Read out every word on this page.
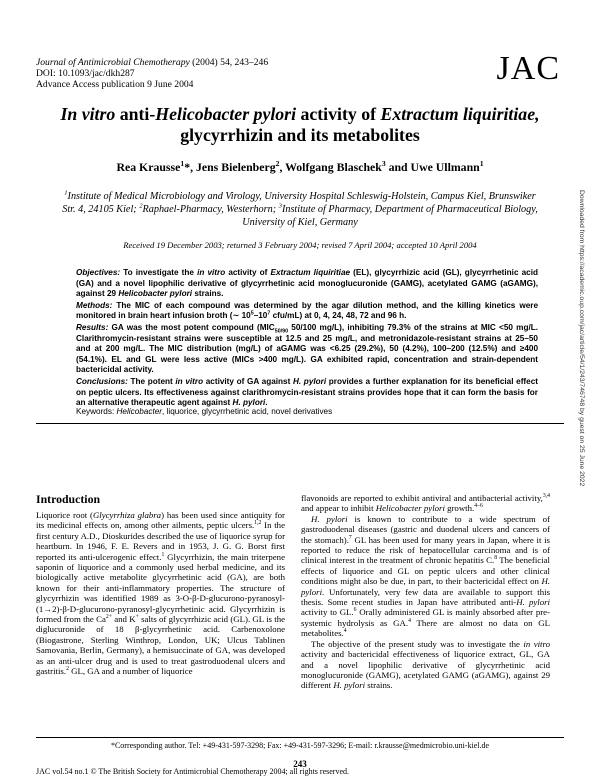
Journal of Antimicrobial Chemotherapy (2004) 54, 243–246
DOI: 10.1093/jac/dkh287
Advance Access publication 9 June 2004	JAC
In vitro anti-Helicobacter pylori activity of Extractum liquiritiae,
glycyrrhizin and its metabolites
Rea Krausse$^1$*, Jens Bielenberg$^2$, Wolfgang Blaschek$^3$ and Uwe Ullmann$^1$
$^1$Institute of Medical Microbiology and Virology, University Hospital Schleswig-Holstein, Campus Kiel, Brunswiker Str. 4, 24105 Kiel; $^2$Raphael-Pharmacy, Westerhorn; $^3$Institute of Pharmacy, Department of Pharmaceutical Biology, University of Kiel, Germany
Received 19 December 2003; returned 3 February 2004; revised 7 April 2004; accepted 10 April 2004

Objectives: To investigate the in vitro activity of Extractum liquiritiae (EL), glycyrrhizic acid (GL), glycyrrhetinic acid (GA) and a novel lipophilic derivative of glycyrrhetinic acid monoglucuronide (GAMG), acetylated GAMG (aGAMG), against 29 Helicobacter pylori strains.

Methods: The MIC of each compound was determined by the agar dilution method, and the killing kinetics were monitored in brain heart infusion broth (∼ $10^5-10^7$ cfu/mL) at 0, 4, 24, 48, 72 and 96 h.

Results: GA was the most potent compound ($MIC_{50/90}$ 50/100 mg/L), inhibiting 79.3% of the strains at MIC <50 mg/L. Clarithromycin-resistant strains were susceptible at 12.5 and 25 mg/L, and metronidazole-resistant strains at 25–50 and at 200 mg/L. The MIC distribution (mg/L) of aGAMG was <6.25 (29.2%), 50 (4.2%), 100–200 (12.5%) and ≥400 (54.1%). EL and GL were less active (MICs >400 mg/L). GA exhibited rapid, concentration and strain-dependent bactericidal activity.

Conclusions: The potent in vitro activity of GA against H. pylori provides a further explanation for its beneficial effect on peptic ulcers. Its effectiveness against clarithromycin-resistant strains provides hope that it can form the basis for an alternative therapeutic agent against H. pylori.

Keywords: Helicobacter, liquorice, glycyrrhetinic acid, novel derivatives	Downloaded from https://academic.oup.com/jac/article/54/1/243/746748 by guest on 25 June 2022
Introduction

Liquorice root (Glycyrrhiza glabra) has been used since antiquity for its medicinal effects on, among other ailments, peptic ulcers.$^{1,2}$ In the first century A.D., Dioskurides described the use of liquorice syrup for heartburn. In 1946, F. E. Revers and in 1953, J. G. G. Borst first reported its anti-ulcerogenic effect.$^1$ Glycyrrhizin, the main triterpene saponin of liquorice and a commonly used herbal medicine, and its biologically active metabolite glycyrrhetinic acid (GA), are both known for their anti-inflammatory properties. The structure of glycyrrhizin was identified 1989 as 3-O-β-D-glucurono-pyranosyl-(1→2)-β-D-glucurono-pyranosyl-glycyrrhetinic acid. Glycyrrhizin is formed from the $Ca^{2+}$ and K+ salts of glycyrrhizic acid (GL). GL is the diglucuronide of 18 β-glycyrrhetinic acid. Carbenoxolone (Biogastrone, Sterling Winthrop, London, UK; Ulcus Tablinen Samovania, Berlin, Germany), a hemisuccinate of GA, was developed as an anti-ulcer drug and is used to treat gastroduodenal ulcers and gastritis.$^2$ GL, GA and a number of liquorice

flavonoids are reported to exhibit antiviral and antibacterial activity,$^{3,4}$ and appear to inhibit Helicobacter pylori growth.$^{4-6}$

H. pylori is known to contribute to a wide spectrum of gastroduodenal diseases (gastric and duodenal ulcers and cancers of the stomach).$^7$ GL has been used for many years in Japan, where it is reported to reduce the risk of hepatocellular carcinoma and is of clinical interest in the treatment of chronic hepatitis C.$^8$ The beneficial effects of liquorice and GL on peptic ulcers and other clinical conditions might also be due, in part, to their bactericidal effect on H. pylori. Unfortunately, very few data are available to support this thesis. Some recent studies in Japan have attributed anti-H. pylori activity to GL.$^6$ Orally administered GL is mainly absorbed after pre-systemic hydrolysis as GA.$^4$ There are almost no data on GL metabolites.$^4$

The objective of the present study was to investigate the in vitro activity and bactericidal effectiveness of liquorice extract, GL, GA and a novel lipophilic derivative of glycyrrhetinic acid monoglucuronide (GAMG), acetylated GAMG (aGAMG), against 29 different H. pylori strains.

*Corresponding author. Tel: +49-431-597-3298; Fax: +49-431-597-3296; E-mail: r.krausse@medmicrobio.uni-kiel.de
243
JAC vol.54 no.1 © The British Society for Antimicrobial Chemotherapy 2004; all rights reserved.
